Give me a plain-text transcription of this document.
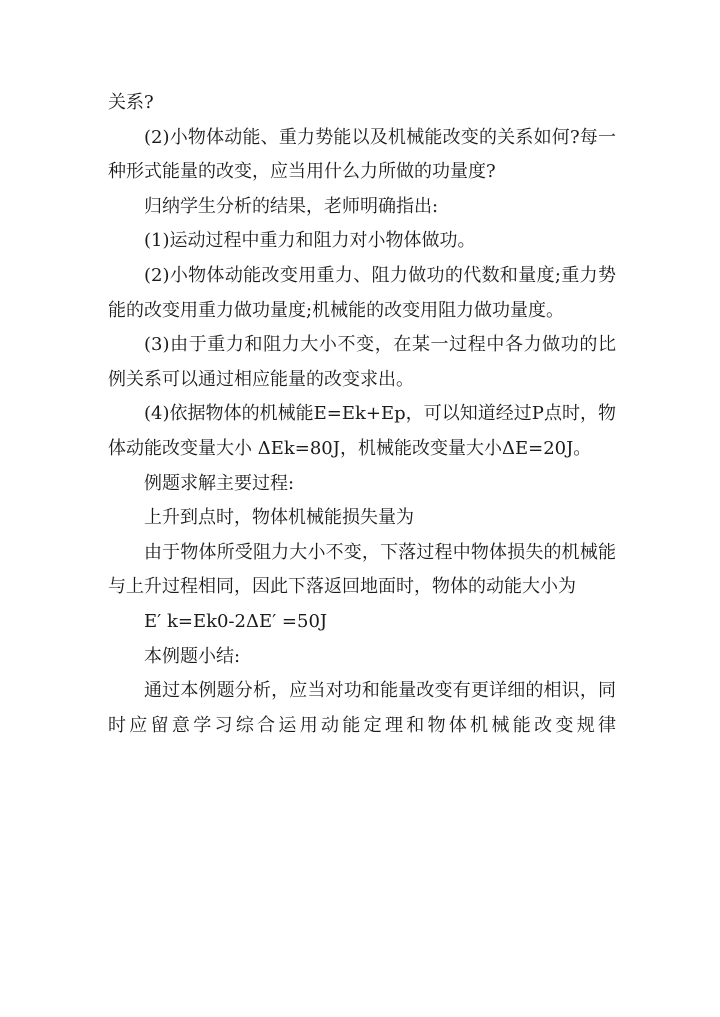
关系?

(2)小物体动能、重力势能以及机械能改变的关系如何?每一种形式能量的改变，应当用什么力所做的功量度?

归纳学生分析的结果，老师明确指出:

(1)运动过程中重力和阻力对小物体做功。

(2)小物体动能改变用重力、阻力做功的代数和量度;重力势能的改变用重力做功量度;机械能的改变用阻力做功量度。

(3)由于重力和阻力大小不变，在某一过程中各力做功的比例关系可以通过相应能量的改变求出。

(4)依据物体的机械能E=Ek+Ep，可以知道经过P点时，物体动能改变量大小 ΔEk=80J，机械能改变量大小ΔE=20J。

例题求解主要过程:

上升到点时，物体机械能损失量为

由于物体所受阻力大小不变，下落过程中物体损失的机械能与上升过程相同，因此下落返回地面时，物体的动能大小为

E′ k=Ek0-2ΔE′ =50J

本例题小结:

通过本例题分析，应当对功和能量改变有更详细的相识，同时应留意学习综合运用动能定理和物体机械能改变规律
